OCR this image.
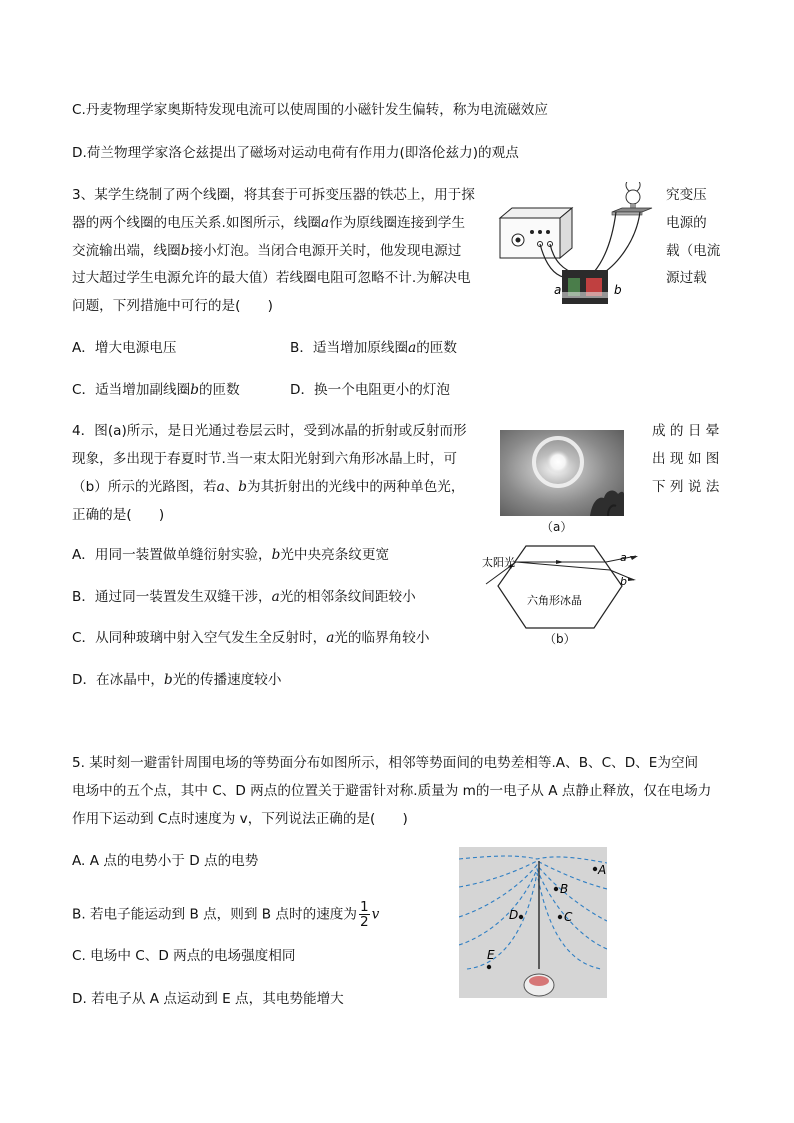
C.丹麦物理学家奥斯特发现电流可以使周围的小磁针发生偏转，称为电流磁效应
D.荷兰物理学家洛仑兹提出了磁场对运动电荷有作用力(即洛伦兹力)的观点
3、某学生绕制了两个线圈，将其套于可拆变压器的铁芯上，用于探	究变压
器的两个线圈的电压关系.如图所示，线圈a作为原线圈连接到学生	电源的
交流输出端，线圈b接小灯泡。当闭合电源开关时，他发现电源过	载（电流
过大超过学生电源允许的最大值）若线圈电阻可忽略不计.为解决电	源过载
问题，下列措施中可行的是(　　)
A．增大电源电压	B．适当增加原线圈a的匝数
C．适当增加副线圈b的匝数	D．换一个电阻更小的灯泡
a	b
4．图(a)所示，是日光通过卷层云时，受到冰晶的折射或反射而形	成 的 日 晕
现象，多出现于春夏时节.当一束太阳光射到六角形冰晶上时，可	出 现 如 图
（b）所示的光路图，若a、b为其折射出的光线中的两种单色光，	下 列 说 法
正确的是(　　)
（a）
太阳光
六角形冰晶
a
b
（b）
A．用同一装置做单缝衍射实验，b光中央亮条纹更宽
B．通过同一装置发生双缝干涉，a光的相邻条纹间距较小
C．从同种玻璃中射入空气发生全反射时，a光的临界角较小
D．在冰晶中，b光的传播速度较小
5. 某时刻一避雷针周围电场的等势面分布如图所示，相邻等势面间的电势差相等.A、B、C、D、E为空间
电场中的五个点，其中 C、D 两点的位置关于避雷针对称.质量为 m的一电子从 A 点静止释放，仅在电场力
作用下运动到 C点时速度为 v，下列说法正确的是(　　)
A. A 点的电势小于 D 点的电势
B. 若电子能运动到 B 点，则到 B 点时的速度为 $\frac{1}{2}$ v
C. 电场中 C、D 两点的电场强度相同
D. 若电子从 A 点运动到 E 点，其电势能增大
A
B
D	C
E
